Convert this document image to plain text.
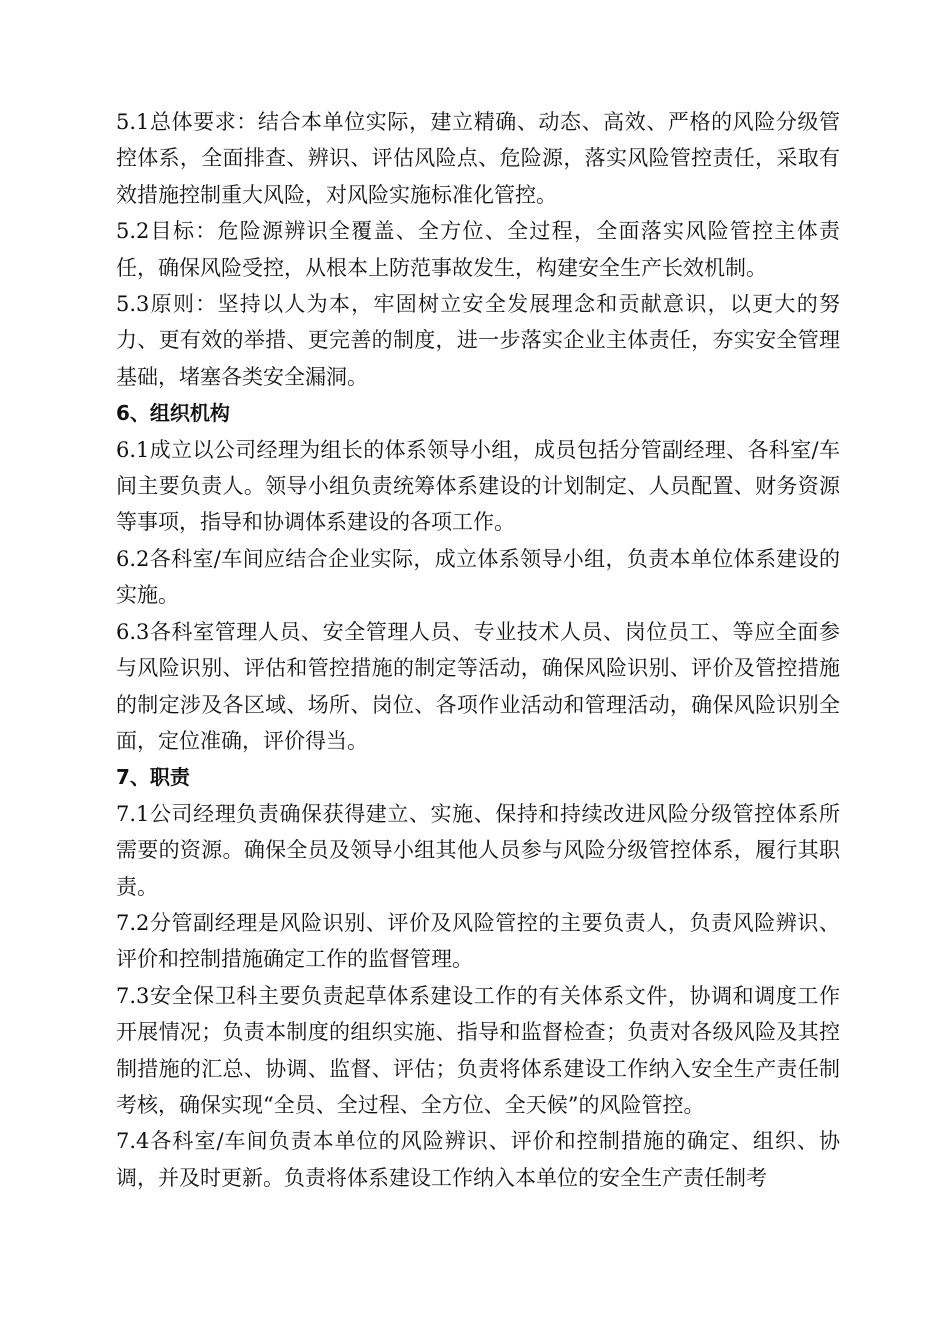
5.1总体要求：结合本单位实际，建立精确、动态、高效、严格的风险分级管控体系，全面排查、辨识、评估风险点、危险源，落实风险管控责任，采取有效措施控制重大风险，对风险实施标准化管控。

5.2目标：危险源辨识全覆盖、全方位、全过程，全面落实风险管控主体责任，确保风险受控，从根本上防范事故发生，构建安全生产长效机制。

5.3原则：坚持以人为本，牢固树立安全发展理念和贡献意识，以更大的努力、更有效的举措、更完善的制度，进一步落实企业主体责任，夯实安全管理基础，堵塞各类安全漏洞。

6、组织机构

6.1成立以公司经理为组长的体系领导小组，成员包括分管副经理、各科室/车间主要负责人。领导小组负责统筹体系建设的计划制定、人员配置、财务资源等事项，指导和协调体系建设的各项工作。

6.2各科室/车间应结合企业实际，成立体系领导小组，负责本单位体系建设的实施。

6.3各科室管理人员、安全管理人员、专业技术人员、岗位员工、等应全面参与风险识别、评估和管控措施的制定等活动，确保风险识别、评价及管控措施的制定涉及各区域、场所、岗位、各项作业活动和管理活动，确保风险识别全面，定位准确，评价得当。

7、职责

7.1公司经理负责确保获得建立、实施、保持和持续改进风险分级管控体系所需要的资源。确保全员及领导小组其他人员参与风险分级管控体系，履行其职责。

7.2分管副经理是风险识别、评价及风险管控的主要负责人，负责风险辨识、评价和控制措施确定工作的监督管理。

7.3安全保卫科主要负责起草体系建设工作的有关体系文件，协调和调度工作开展情况；负责本制度的组织实施、指导和监督检查；负责对各级风险及其控制措施的汇总、协调、监督、评估；负责将体系建设工作纳入安全生产责任制考核，确保实现“全员、全过程、全方位、全天候”的风险管控。

7.4各科室/车间负责本单位的风险辨识、评价和控制措施的确定、组织、协调，并及时更新。负责将体系建设工作纳入本单位的安全生产责任制考
